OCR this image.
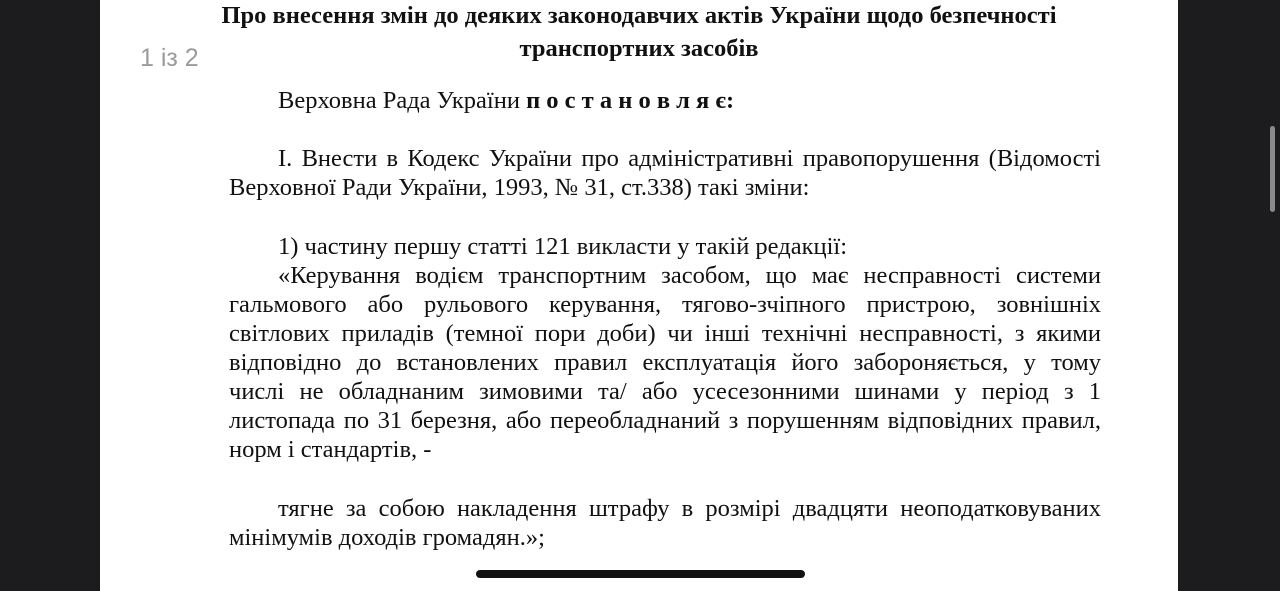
1 із 2
Про внесення змін до деяких законодавчих актів України щодо безпечності
транспортних засобів
Верховна Рада України п о с т а н о в л я є:
І. Внести в Кодекс України про адміністративні правопорушення (Відомості
Верховної Ради України, 1993, № 31, ст.338) такі зміни:
1) частину першу статті 121 викласти у такій редакції:
«Керування водієм транспортним засобом, що має несправності системи
гальмового або рульового керування, тягово-зчіпного пристрою, зовнішніх
світлових приладів (темної пори доби) чи інші технічні несправності, з якими
відповідно до встановлених правил експлуатація його забороняється, у тому
числі не обладнаним зимовими та/ або усесезонними шинами у період з 1
листопада по 31 березня, або переобладнаний з порушенням відповідних правил,
норм і стандартів, -
тягне за собою накладення штрафу в розмірі двадцяти неоподатковуваних
мінімумів доходів громадян.»;
